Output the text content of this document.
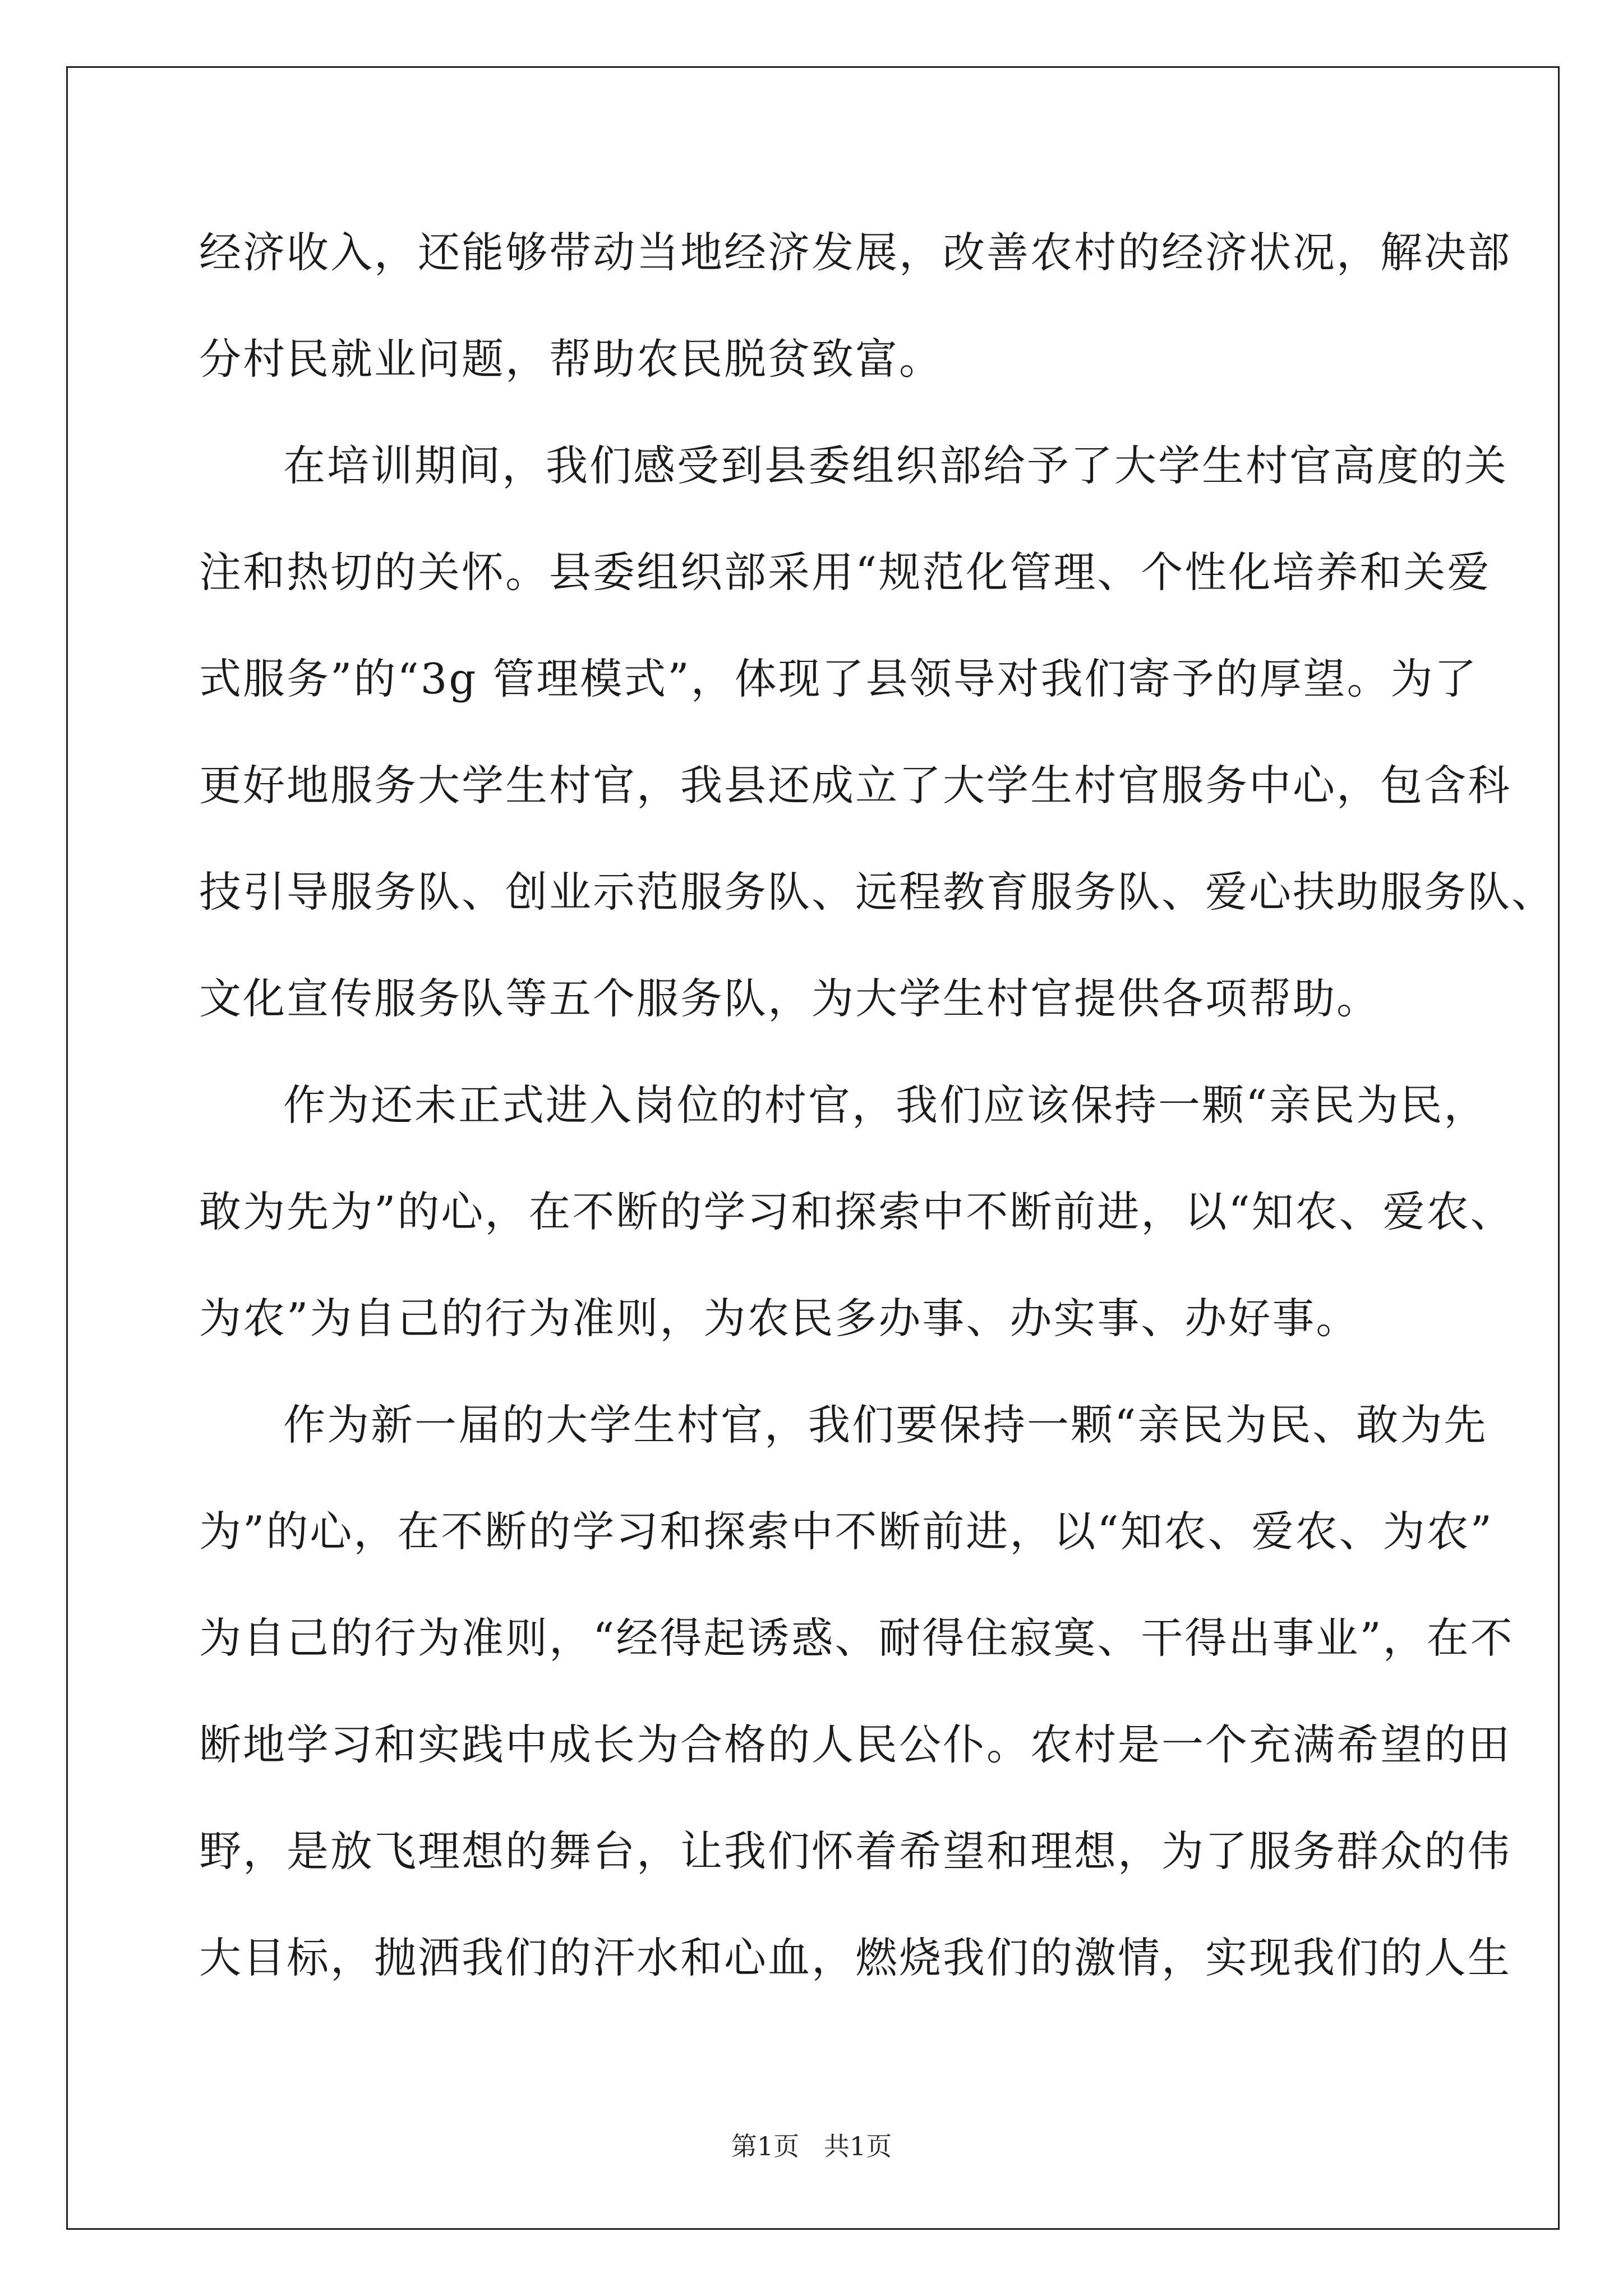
经济收入，还能够带动当地经济发展，改善农村的经济状况，解决部
分村民就业问题，帮助农民脱贫致富。
在培训期间，我们感受到县委组织部给予了大学生村官高度的关
注和热切的关怀。县委组织部采用“规范化管理、个性化培养和关爱
式服务”的“3g 管理模式”，体现了县领导对我们寄予的厚望。为了
更好地服务大学生村官，我县还成立了大学生村官服务中心，包含科
技引导服务队、创业示范服务队、远程教育服务队、爱心扶助服务队、
文化宣传服务队等五个服务队，为大学生村官提供各项帮助。
作为还未正式进入岗位的村官，我们应该保持一颗“亲民为民，
敢为先为”的心，在不断的学习和探索中不断前进，以“知农、爱农、
为农”为自己的行为准则，为农民多办事、办实事、办好事。
作为新一届的大学生村官，我们要保持一颗“亲民为民、敢为先
为”的心，在不断的学习和探索中不断前进，以“知农、爱农、为农”
为自己的行为准则，“经得起诱惑、耐得住寂寞、干得出事业”，在不
断地学习和实践中成长为合格的人民公仆。农村是一个充满希望的田
野，是放飞理想的舞台，让我们怀着希望和理想，为了服务群众的伟
大目标，抛洒我们的汗水和心血，燃烧我们的激情，实现我们的人生
第1页   共1页
